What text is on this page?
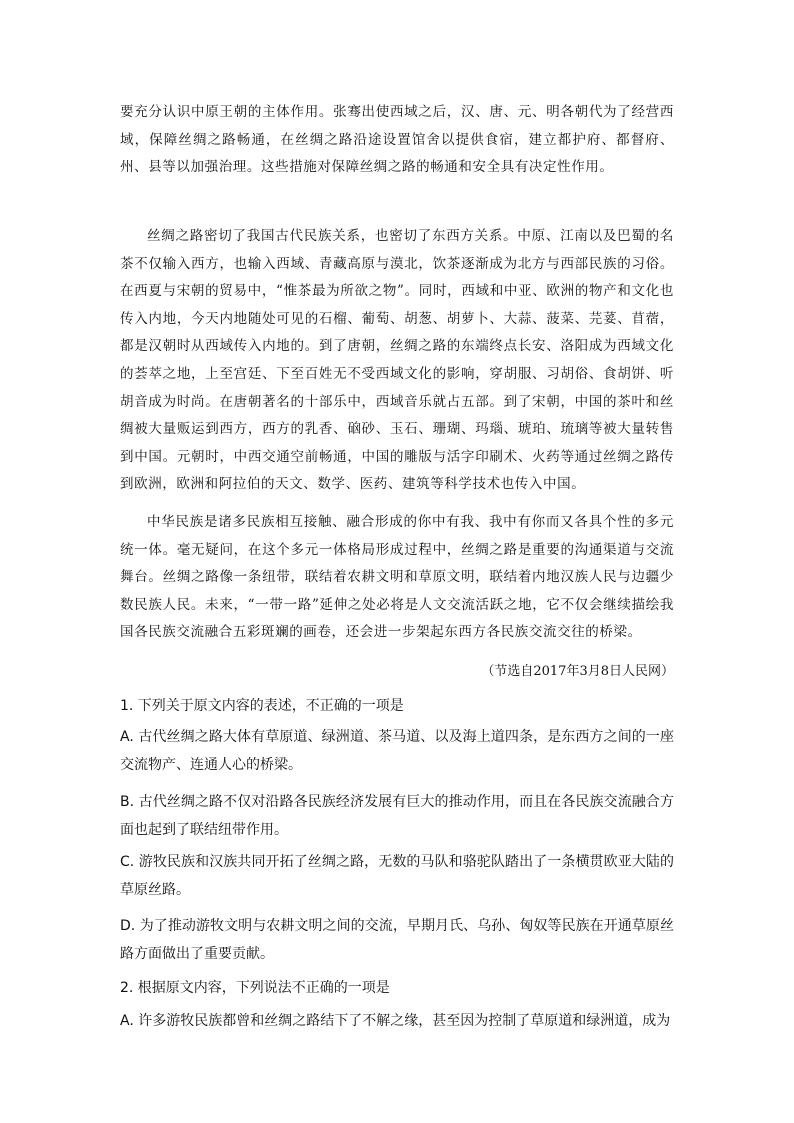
要充分认识中原王朝的主体作用。张骞出使西域之后，汉、唐、元、明各朝代为了经营西域，保障丝绸之路畅通，在丝绸之路沿途设置馆舍以提供食宿，建立都护府、都督府、州、县等以加强治理。这些措施对保障丝绸之路的畅通和安全具有决定性作用。

丝绸之路密切了我国古代民族关系，也密切了东西方关系。中原、江南以及巴蜀的名茶不仅输入西方，也输入西域、青藏高原与漠北，饮茶逐渐成为北方与西部民族的习俗。在西夏与宋朝的贸易中，“惟茶最为所欲之物”。同时，西域和中亚、欧洲的物产和文化也传入内地，今天内地随处可见的石榴、葡萄、胡葱、胡萝卜、大蒜、菠菜、芫荽、苜蓿，都是汉朝时从西域传入内地的。到了唐朝，丝绸之路的东端终点长安、洛阳成为西域文化的荟萃之地，上至宫廷、下至百姓无不受西域文化的影响，穿胡服、习胡俗、食胡饼、听胡音成为时尚。在唐朝著名的十部乐中，西域音乐就占五部。到了宋朝，中国的茶叶和丝绸被大量贩运到西方，西方的乳香、硇砂、玉石、珊瑚、玛瑙、琥珀、琉璃等被大量转售到中国。元朝时，中西交通空前畅通，中国的雕版与活字印刷术、火药等通过丝绸之路传到欧洲，欧洲和阿拉伯的天文、数学、医药、建筑等科学技术也传入中国。

中华民族是诸多民族相互接触、融合形成的你中有我、我中有你而又各具个性的多元统一体。毫无疑问，在这个多元一体格局形成过程中，丝绸之路是重要的沟通渠道与交流舞台。丝绸之路像一条纽带，联结着农耕文明和草原文明，联结着内地汉族人民与边疆少数民族人民。未来，“一带一路”延伸之处必将是人文交流活跃之地，它不仅会继续描绘我国各民族交流融合五彩斑斓的画卷，还会进一步架起东西方各民族交流交往的桥梁。

（节选自2017年3月8日人民网）

1. 下列关于原文内容的表述，不正确的一项是

A. 古代丝绸之路大体有草原道、绿洲道、茶马道、以及海上道四条，是东西方之间的一座交流物产、连通人心的桥梁。

B. 古代丝绸之路不仅对沿路各民族经济发展有巨大的推动作用，而且在各民族交流融合方面也起到了联结纽带作用。

C. 游牧民族和汉族共同开拓了丝绸之路，无数的马队和骆驼队踏出了一条横贯欧亚大陆的草原丝路。

D. 为了推动游牧文明与农耕文明之间的交流，早期月氏、乌孙、匈奴等民族在开通草原丝路方面做出了重要贡献。

2. 根据原文内容，下列说法不正确的一项是

A. 许多游牧民族都曾和丝绸之路结下了不解之缘，甚至因为控制了草原道和绿洲道，成为
